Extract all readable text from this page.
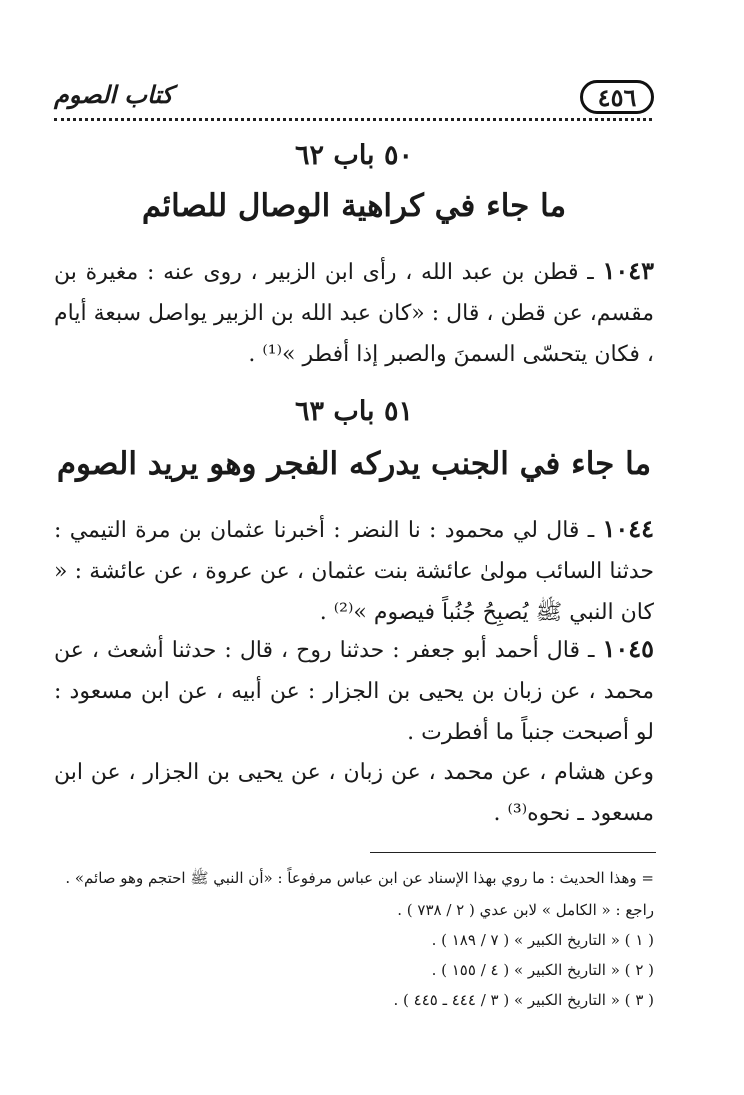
٤٥٦
كتاب الصوم
٥٠ باب ٦٢
ما جاء في كراهية الوصال للصائم
١٠٤٣ ـ قطن بن عبد الله ، رأى ابن الزبير ، روى عنه : مغيرة بن مقسم، عن قطن ، قال : «كان عبد الله بن الزبير يواصل سبعة أيام ، فكان يتحسّى السمنَ والصبر إذا أفطر »⁽¹⁾ .
٥١ باب ٦٣
ما جاء في الجنب يدركه الفجر وهو يريد الصوم
١٠٤٤ ـ قال لي محمود : نا النضر : أخبرنا عثمان بن مرة التيمي : حدثنا السائب مولىٰ عائشة بنت عثمان ، عن عروة ، عن عائشة : « كان النبي ﷺ يُصبِحُ جُنُباً فيصوم »⁽²⁾ .
١٠٤٥ ـ قال أحمد أبو جعفر : حدثنا روح ، قال : حدثنا أشعث ، عن محمد ، عن زبان بن يحيى بن الجزار : عن أبيه ، عن ابن مسعود : لو أصبحت جنباً ما أفطرت .
وعن هشام ، عن محمد ، عن زبان ، عن يحيى بن الجزار ، عن ابن مسعود ـ نحوه⁽³⁾ .
= وهذا الحديث : ما روي بهذا الإسناد عن ابن عباس مرفوعاً : «أن النبي ﷺ احتجم وهو صائم» .
راجع : « الكامل » لابن عدي ( ٢ / ٧٣٨ ) .
( ١ ) « التاريخ الكبير » ( ٧ / ١٨٩ ) .
( ٢ ) « التاريخ الكبير » ( ٤ / ١٥٥ ) .
( ٣ ) « التاريخ الكبير » ( ٣ / ٤٤٤ ـ ٤٤٥ ) .
